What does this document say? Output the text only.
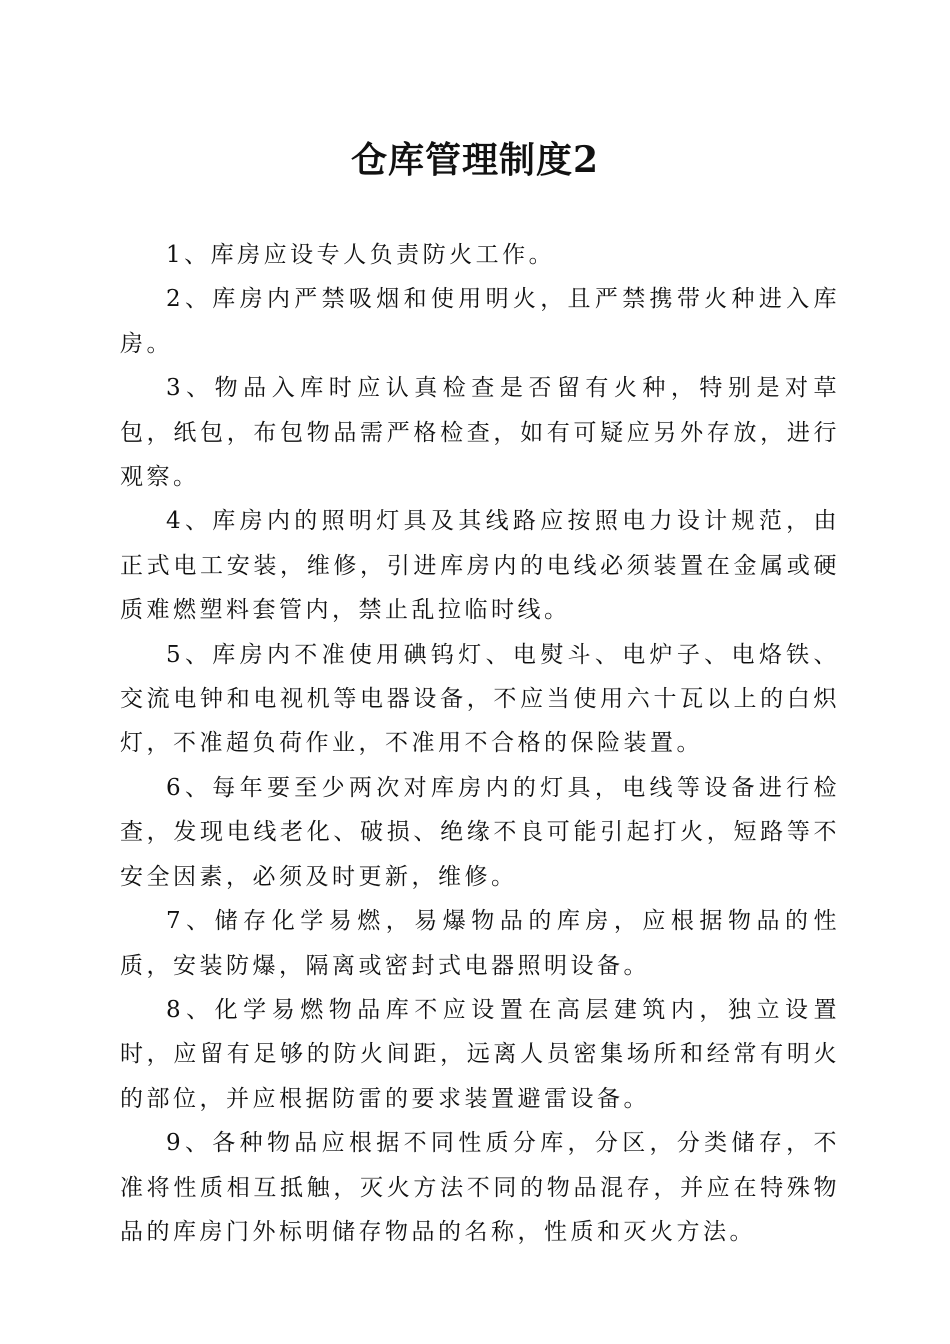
仓库管理制度2

1、库房应设专人负责防火工作。

2、库房内严禁吸烟和使用明火，且严禁携带火种进入库房。

3、物品入库时应认真检查是否留有火种，特别是对草包，纸包，布包物品需严格检查，如有可疑应另外存放，进行观察。

4、库房内的照明灯具及其线路应按照电力设计规范，由正式电工安装，维修，引进库房内的电线必须装置在金属或硬质难燃塑料套管内，禁止乱拉临时线。

5、库房内不准使用碘钨灯、电熨斗、电炉子、电烙铁、交流电钟和电视机等电器设备，不应当使用六十瓦以上的白炽灯，不准超负荷作业，不准用不合格的保险装置。

6、每年要至少两次对库房内的灯具，电线等设备进行检查，发现电线老化、破损、绝缘不良可能引起打火，短路等不安全因素，必须及时更新，维修。

7、储存化学易燃，易爆物品的库房，应根据物品的性质，安装防爆，隔离或密封式电器照明设备。

8、化学易燃物品库不应设置在高层建筑内，独立设置时，应留有足够的防火间距，远离人员密集场所和经常有明火的部位，并应根据防雷的要求装置避雷设备。

9、各种物品应根据不同性质分库，分区，分类储存，不准将性质相互抵触，灭火方法不同的物品混存，并应在特殊物品的库房门外标明储存物品的名称，性质和灭火方法。
